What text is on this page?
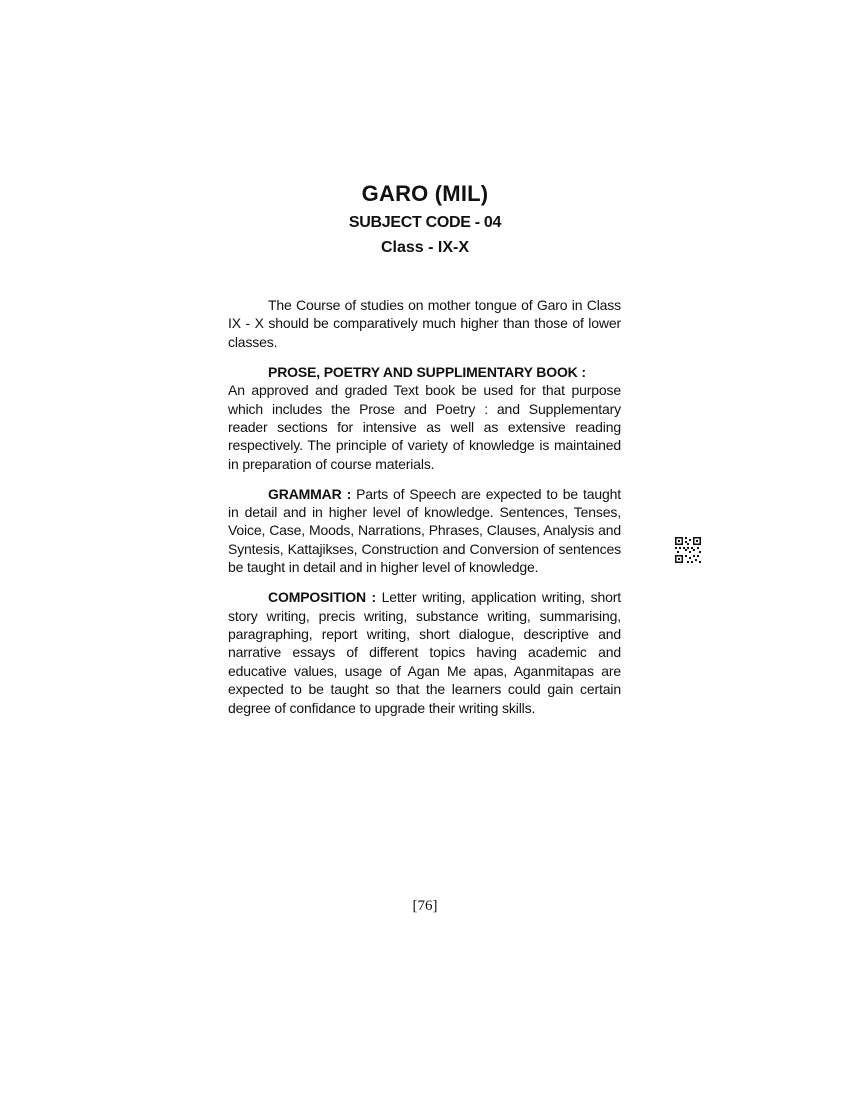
GARO (MIL)
SUBJECT CODE - 04
Class - IX-X

The Course of studies on mother tongue of Garo in Class IX - X should be comparatively much higher than those of lower classes.

PROSE, POETRY AND SUPPLIMENTARY BOOK :
An approved and graded Text book be used for that purpose which includes the Prose and Poetry : and Supplementary reader sections for intensive as well as extensive reading respectively. The principle of variety of knowledge is maintained in preparation of course materials.

GRAMMAR : Parts of Speech are expected to be taught in detail and in higher level of knowledge. Sentences, Tenses, Voice, Case, Moods, Narrations, Phrases, Clauses, Analysis and Syntesis, Kattajikses, Construction and Conversion of sentences be taught in detail and in higher level of knowledge.

COMPOSITION : Letter writing, application writing, short story writing, precis writing, substance writing, summarising, paragraphing, report writing, short dialogue, descriptive and narrative essays of different topics having academic and educative values, usage of Agan Me apas, Aganmitapas are expected to be taught so that the learners could gain certain degree of confidance to upgrade their writing skills.

[76]
